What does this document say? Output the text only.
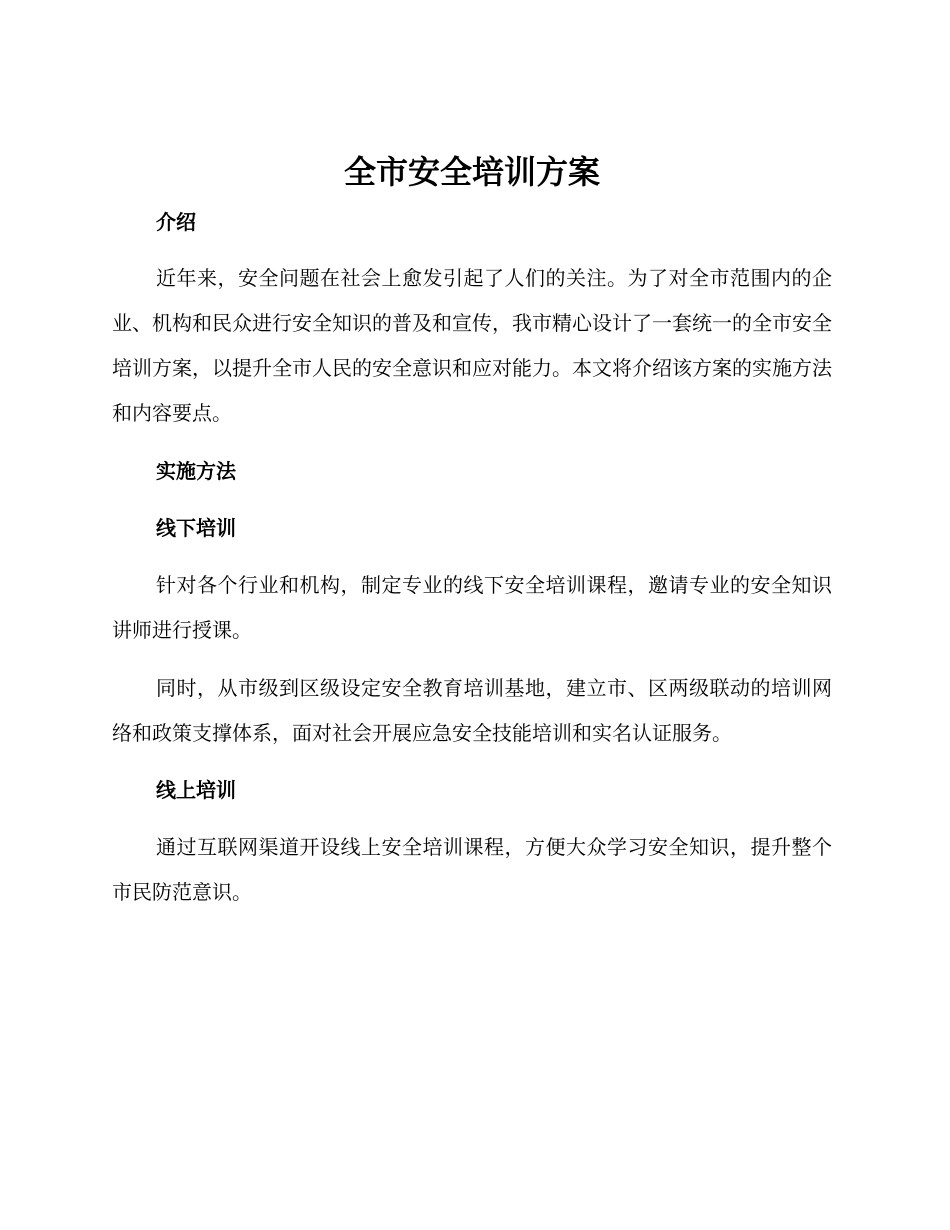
全市安全培训方案
介绍

近年来，安全问题在社会上愈发引起了人们的关注。为了对全市范围内的企业、机构和民众进行安全知识的普及和宣传，我市精心设计了一套统一的全市安全培训方案，以提升全市人民的安全意识和应对能力。本文将介绍该方案的实施方法和内容要点。

实施方法
线下培训

针对各个行业和机构，制定专业的线下安全培训课程，邀请专业的安全知识讲师进行授课。

同时，从市级到区级设定安全教育培训基地，建立市、区两级联动的培训网络和政策支撑体系，面对社会开展应急安全技能培训和实名认证服务。

线上培训

通过互联网渠道开设线上安全培训课程，方便大众学习安全知识，提升整个市民防范意识。
